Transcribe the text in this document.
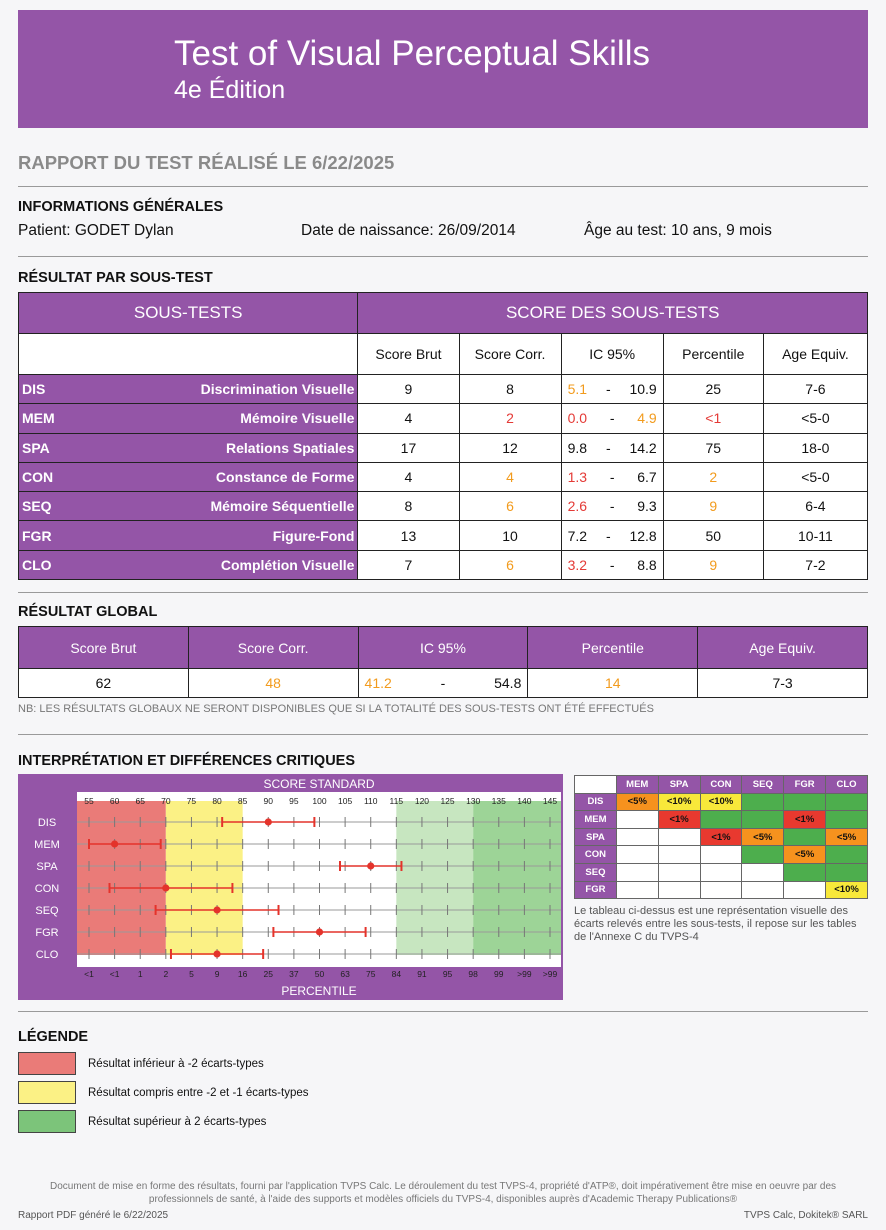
Test of Visual Perceptual Skills
4e Édition
RAPPORT DU TEST RÉALISÉ LE 6/22/2025
INFORMATIONS GÉNÉRALES
Patient: GODET Dylan	Date de naissance: 26/09/2014	Âge au test: 10 ans, 9 mois
RÉSULTAT PAR SOUS-TEST
SOUS-TESTS		SCORE DES SOUS-TESTS				
		Score Brut	Score Corr.	IC 95%	Percentile	Age Equiv.
DIS	Discrimination Visuelle	9	8	5.1 - 10.9	25	7-6
MEM	Mémoire Visuelle	4	2	0.0 - 4.9	<1	<5-0
SPA	Relations Spatiales	17	12	9.8 - 14.2	75	18-0
CON	Constance de Forme	4	4	1.3 - 6.7	2	<5-0
SEQ	Mémoire Séquentielle	8	6	2.6 - 9.3	9	6-4
FGR	Figure-Fond	13	10	7.2 - 12.8	50	10-11
CLO	Complétion Visuelle	7	6	3.2 - 8.8	9	7-2
RÉSULTAT GLOBAL
Score Brut	Score Corr.	IC 95%	Percentile	Age Equiv.
62	48	41.2 - 54.8	14	7-3
NB: LES RÉSULTATS GLOBAUX NE SERONT DISPONIBLES QUE SI LA TOTALITÉ DES SOUS-TESTS ONT ÉTÉ EFFECTUÉS
INTERPRÉTATION ET DIFFÉRENCES CRITIQUES
SCORE STANDARD
PERCENTILE
55
<1
60
<1
65
1
70
2
75
5
80
9
85
16
90
25
95
37
100
50
105
63
110
75
115
84
120
91
125
95
130
98
135
99
140
>99
145
>99
DIS
MEM
SPA
CON
SEQ
FGR
CLO
	MEM	SPA	CON	SEQ	FGR	CLO
DIS	<5%	<10%	<10%			
MEM		<1%			<1%	
SPA			<1%	<5%		<5%
CON					<5%	
SEQ						
FGR						<10%
Le tableau ci-dessus est une représentation visuelle des écarts relevés entre les sous-tests, il repose sur les tables de l'Annexe C du TVPS-4
LÉGENDE
Résultat inférieur à -2 écarts-types
Résultat compris entre -2 et -1 écarts-types
Résultat supérieur à 2 écarts-types
Document de mise en forme des résultats, fourni par l'application TVPS Calc. Le déroulement du test TVPS-4, propriété d'ATP®, doit impérativement être mise en oeuvre par des professionnels de santé, à l'aide des supports et modèles officiels du TVPS-4, disponibles auprès d'Academic Therapy Publications®
Rapport PDF généré le 6/22/2025	TVPS Calc, Dokitek® SARL
